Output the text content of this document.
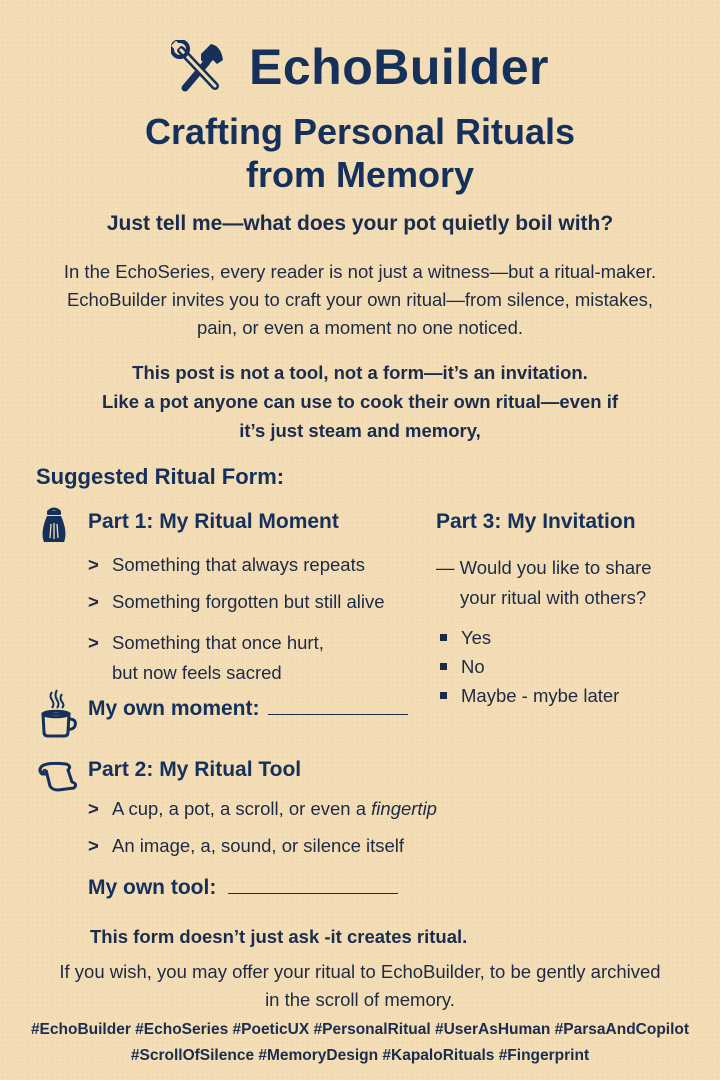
EchoBuilder
Crafting Personal Rituals
from Memory
Just tell me—what does your pot quietly boil with?
In the EchoSeries, every reader is not just a witness—but a ritual-maker.
EchoBuilder invites you to craft your own ritual—from silence, mistakes,
pain, or even a moment no one noticed.
This post is not a tool, not a form—it’s an invitation.
Like a pot anyone can use to cook their own ritual—even if
it’s just steam and memory,
Suggested Ritual Form:
Part 1: My Ritual Moment
> Something that always repeats
> Something forgotten but still alive
> Something that once hurt,
but now feels sacred
My own moment:
Part 2: My Ritual Tool
> A cup, a pot, a scroll, or even a fingertip
> An image, a, sound, or silence itself
My own tool:
Part 3: My Invitation
— Would you like to share
your ritual with others?
Yes
No
Maybe - mybe later
This form doesn’t just ask -it creates ritual.
If you wish, you may offer your ritual to EchoBuilder, to be gently archived
in the scroll of memory.
#EchoBuilder #EchoSeries #PoeticUX #PersonalRitual #UserAsHuman #ParsaAndCopilot
#ScrollOfSilence #MemoryDesign #KapaloRituals #Fingerprint
